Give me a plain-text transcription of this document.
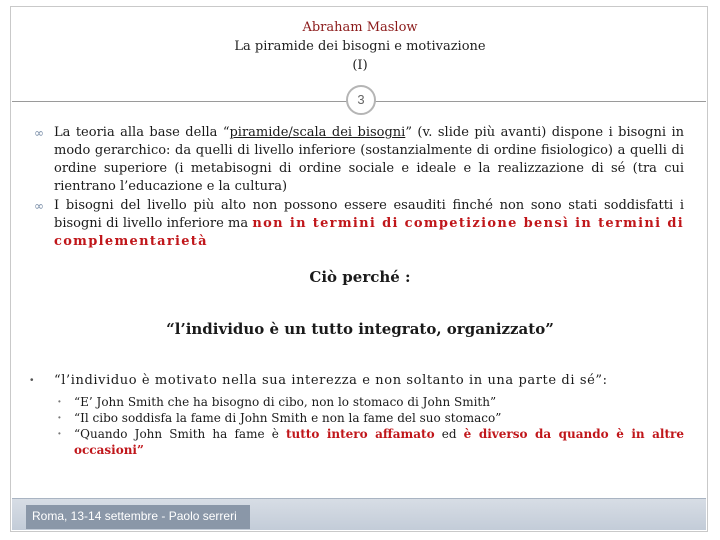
Abraham Maslow
La piramide dei bisogni e motivazione
(I)
3
∞ La teoria alla base della “piramide/scala dei bisogni” (v. slide più avanti) dispone i bisogni in modo gerarchico: da quelli di livello inferiore (sostanzialmente di ordine fisiologico) a quelli di ordine superiore (i metabisogni di ordine sociale e ideale e la realizzazione di sé (tra cui rientrano l’educazione e la cultura)
∞ I bisogni del livello più alto non possono essere esauditi finché non sono stati soddisfatti i bisogni di livello inferiore ma non in termini di competizione bensì in termini di complementarietà
Ciò perché :
“l’individuo è un tutto integrato, organizzato”
•	“l’individuo è motivato nella sua interezza e non soltanto in una parte di sé”:
• “E’ John Smith che ha bisogno di cibo, non lo stomaco di John Smith”
• “Il cibo soddisfa la fame di John Smith e non la fame del suo stomaco”
• “Quando John Smith ha fame è tutto intero affamato ed è diverso da quando è in altre occasioni”
Roma, 13-14 settembre - Paolo serreri
